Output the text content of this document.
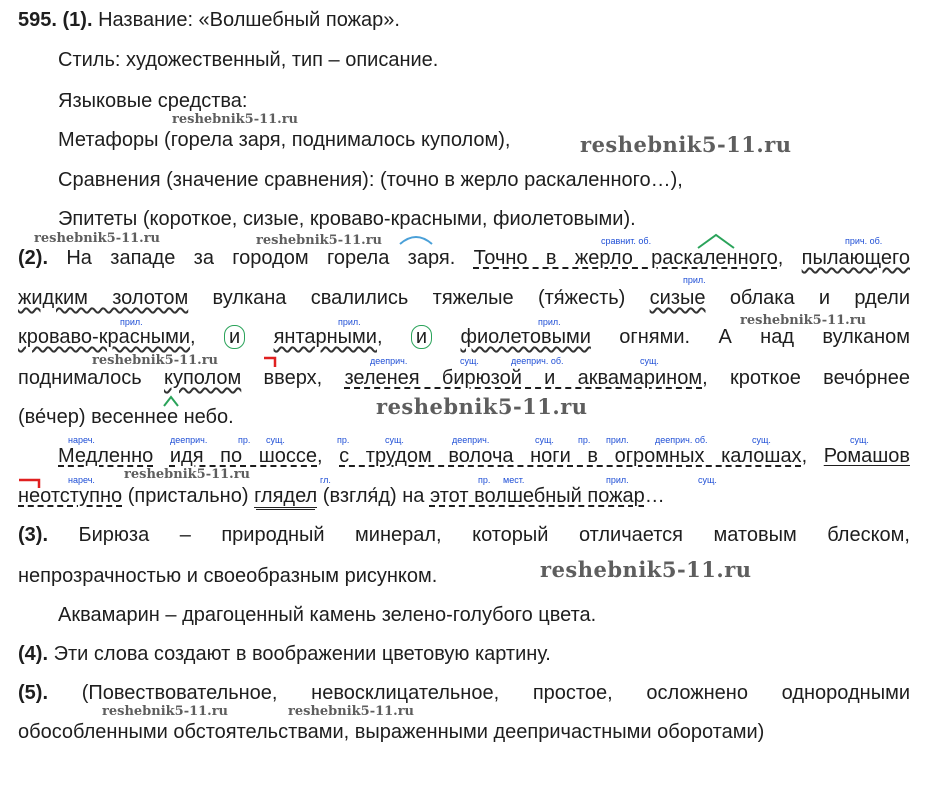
595. (1). Название: «Волшебный пожар».
Стиль: художественный, тип – описание.
Языковые средства:
Метафоры (горела заря, поднималось куполом),
Сравнения (значение сравнения): (точно в жерло раскаленного…),
Эпитеты (короткое, сизые, кроваво-красными, фиолетовыми).
сравнит. об.	прич. об.
прил.
(2). На западе за городом горела заря. Точно в жерло раскаленного, пылающего
жидким золотом вулкана свалились тяжелые (тя́жесть) сизые облака и рдели
прил.	прил.	прил.
кроваво-красными, и янтарными, и фиолетовыми огнями. А над вулканом
дееприч.	сущ.	дееприч. об.	сущ.
поднималось куполом вверх, зеленея бирюзой и аквамарином, кроткое вечо́рнее
(ве́чер) весеннее небо.
нареч.	дееприч.	пр. сущ.	пр.	сущ.	дееприч.	сущ.	пр. прил.	дееприч. об.	сущ.	сущ.
Медленно идя по шоссе, с трудом волоча ноги в огромных калошах, Ромашов
нареч.	гл.	пр. мест.	прил.	сущ.
неотступно (пристально) глядел (взгля́д) на этот волшебный пожар…
(3). Бирюза – природный минерал, который отличается матовым блеском,
непрозрачностью и своеобразным рисунком.
Аквамарин – драгоценный камень зелено-голубого цвета.
(4). Эти слова создают в воображении цветовую картину.
(5). (Повествовательное, невосклицательное, простое, осложнено однородными
обособленными обстоятельствами, выраженными деепричастными оборотами)
reshebnik5-11.ru
reshebnik5-11.ru
reshebnik5-11.ru	reshebnik5-11.ru
reshebnik5-11.ru
reshebnik5-11.ru
reshebnik5-11.ru
reshebnik5-11.ru
reshebnik5-11.ru
reshebnik5-11.ru	reshebnik5-11.ru
